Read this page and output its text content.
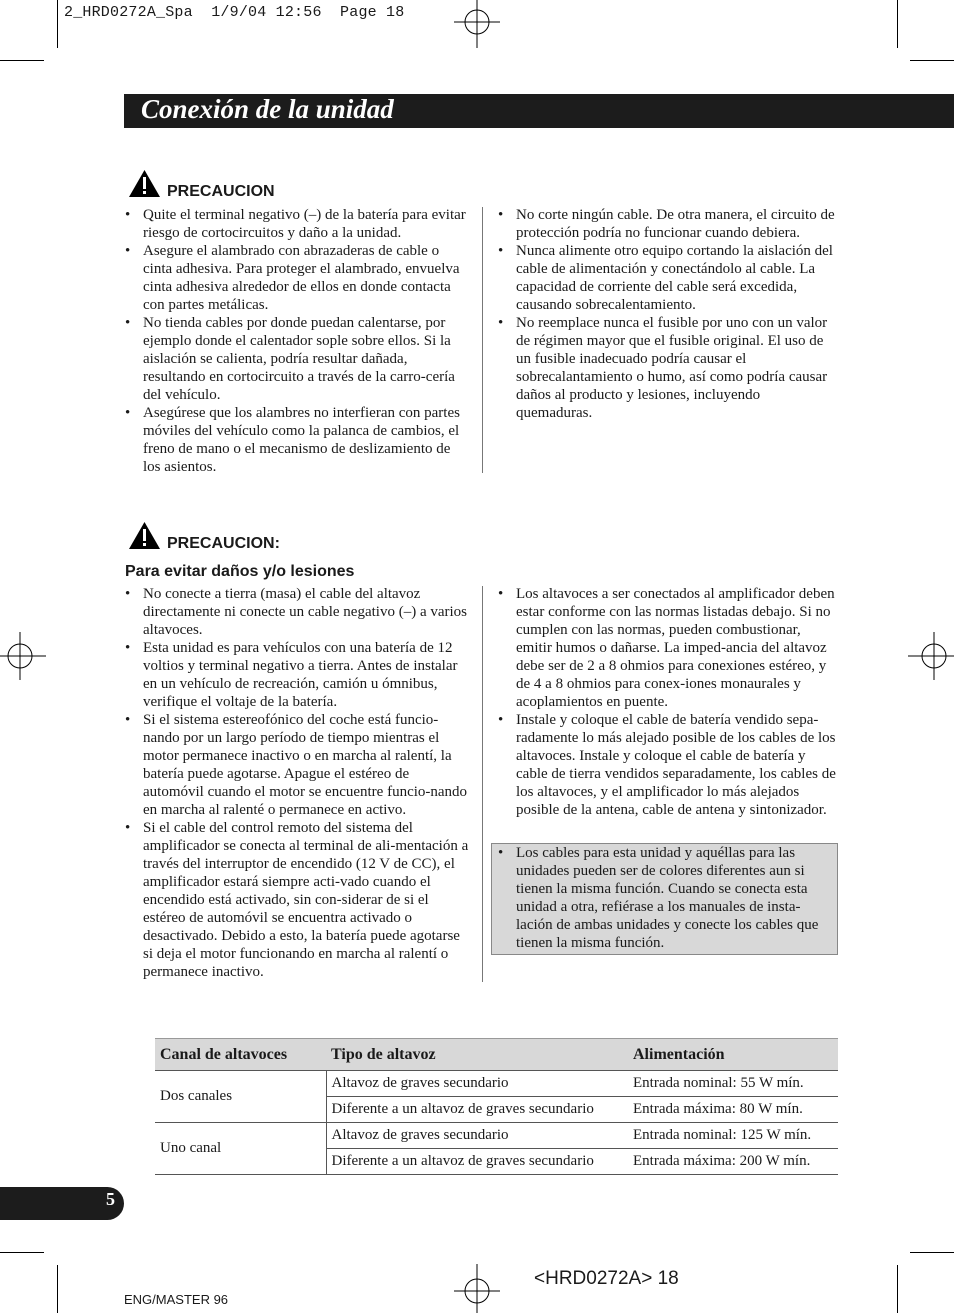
2_HRD0272A_Spa  1/9/04 12:56  Page 18
Conexión de la unidad
PRECAUCION
• Quite el terminal negativo (–) de la batería para evitar riesgo de cortocircuitos y daño a la unidad.
• Asegure el alambrado con abrazaderas de cable o cinta adhesiva. Para proteger el alambrado, envuelva cinta adhesiva alrededor de ellos en donde contacta con partes metálicas.
• No tienda cables por donde puedan calentarse, por ejemplo donde el calentador sople sobre ellos. Si la aislación se calienta, podría resultar dañada, resultando en cortocircuito a través de la carro-cería del vehículo.
• Asegúrese que los alambres no interfieran con partes móviles del vehículo como la palanca de cambios, el freno de mano o el mecanismo de deslizamiento de los asientos.
• No corte ningún cable. De otra manera, el circuito de protección podría no funcionar cuando debiera.
• Nunca alimente otro equipo cortando la aislación del cable de alimentación y conectándolo al cable. La capacidad de corriente del cable será excedida, causando sobrecalentamiento.
• No reemplace nunca el fusible por uno con un valor de régimen mayor que el fusible original. El uso de un fusible inadecuado podría causar el sobrecalantamiento o humo, así como podría causar daños al producto y lesiones, incluyendo quemaduras.
PRECAUCION:
Para evitar daños y/o lesiones
• No conecte a tierra (masa) el cable del altavoz directamente ni conecte un cable negativo (–) a varios altavoces.
• Esta unidad es para vehículos con una batería de 12 voltios y terminal negativo a tierra. Antes de instalar en un vehículo de recreación, camión u ómnibus, verifique el voltaje de la batería.
• Si el sistema estereofónico del coche está funcio-nando por un largo período de tiempo mientras el motor permanece inactivo o en marcha al ralentí, la batería puede agotarse. Apague el estéreo de automóvil cuando el motor se encuentre funcio-nando en marcha al ralenté o permanece en activo.
• Si el cable del control remoto del sistema del amplificador se conecta al terminal de ali-mentación a través del interruptor de encendido (12 V de CC), el amplificador estará siempre acti-vado cuando el encendido está activado, sin con-siderar de si el estéreo de automóvil se encuentra activado o desactivado. Debido a esto, la batería puede agotarse si deja el motor funcionando en marcha al ralentí o permanece inactivo.
• Los altavoces a ser conectados al amplificador deben estar conforme con las normas listadas debajo. Si no cumplen con las normas, pueden combustionar, emitir humos o dañarse. La imped-ancia del altavoz debe ser de 2 a 8 ohmios para conexiones estéreo, y de 4 a 8 ohmios para conex-iones monaurales y acoplamientos en puente.
• Instale y coloque el cable de batería vendido sepa-radamente lo más alejado posible de los cables de los altavoces. Instale y coloque el cable de batería y cable de tierra vendidos separadamente, los cables de los altavoces, y el amplificador lo más alejados posible de la antena, cable de antena y sintonizador.
• Los cables para esta unidad y aquéllas para las unidades pueden ser de colores diferentes aun si tienen la misma función. Cuando se conecta esta unidad a otra, refiérase a los manuales de insta-lación de ambas unidades y conecte los cables que tienen la misma función.
Canal de altavoces	Tipo de altavoz	Alimentación
Dos canales	Altavoz de graves secundario	Entrada nominal: 55 W mín.
	Diferente a un altavoz de graves secundario	Entrada máxima: 80 W mín.
Uno canal	Altavoz de graves secundario	Entrada nominal: 125 W mín.
	Diferente a un altavoz de graves secundario	Entrada máxima: 200 W mín.
5
<HRD0272A> 18
ENG/MASTER 96
